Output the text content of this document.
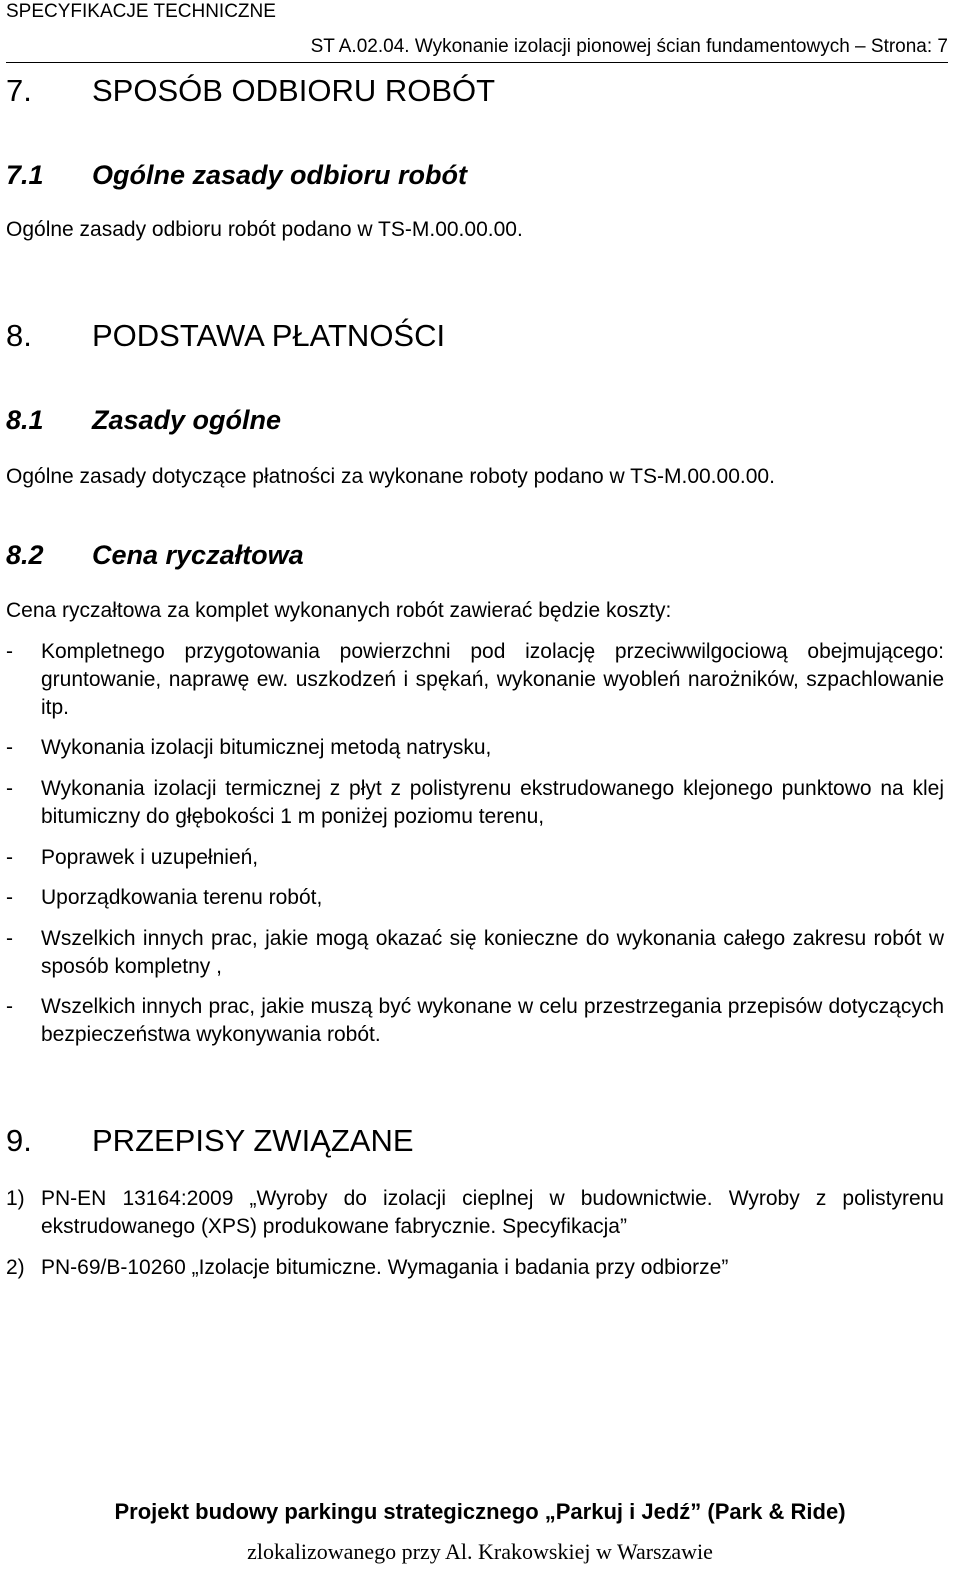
SPECYFIKACJE TECHNICZNE
ST A.02.04. Wykonanie izolacji pionowej ścian fundamentowych – Strona: 7
7. SPOSÓB ODBIORU ROBÓT
7.1 Ogólne zasady odbioru robót

Ogólne zasady odbioru robót podano w TS-M.00.00.00.

8. PODSTAWA PŁATNOŚCI
8.1 Zasady ogólne

Ogólne zasady dotyczące płatności za wykonane roboty podano w TS-M.00.00.00.

8.2 Cena ryczałtowa

Cena ryczałtowa za komplet wykonanych robót zawierać będzie koszty:

-	Kompletnego przygotowania powierzchni pod izolację przeciwwilgociową obejmującego: gruntowanie, naprawę ew. uszkodzeń i spękań, wykonanie wyobleń narożników, szpachlowanie itp.
-	Wykonania izolacji bitumicznej metodą natrysku,
-	Wykonania izolacji termicznej z płyt z polistyrenu ekstrudowanego klejonego punktowo na klej bitumiczny do głębokości 1 m poniżej poziomu terenu,
-	Poprawek i uzupełnień,
-	Uporządkowania terenu robót,
-	Wszelkich innych prac, jakie mogą okazać się konieczne do wykonania całego zakresu robót w sposób kompletny ,
-	Wszelkich innych prac, jakie muszą być wykonane w celu przestrzegania przepisów dotyczących bezpieczeństwa wykonywania robót.
9. PRZEPISY ZWIĄZANE
1) PN-EN 13164:2009 „Wyroby do izolacji cieplnej w budownictwie. Wyroby z polistyrenu ekstrudowanego (XPS) produkowane fabrycznie. Specyfikacja”
2) PN-69/B-10260 „Izolacje bitumiczne. Wymagania i badania przy odbiorze”
Projekt budowy parkingu strategicznego „Parkuj i Jedź” (Park & Ride)
zlokalizowanego przy Al. Krakowskiej w Warszawie
